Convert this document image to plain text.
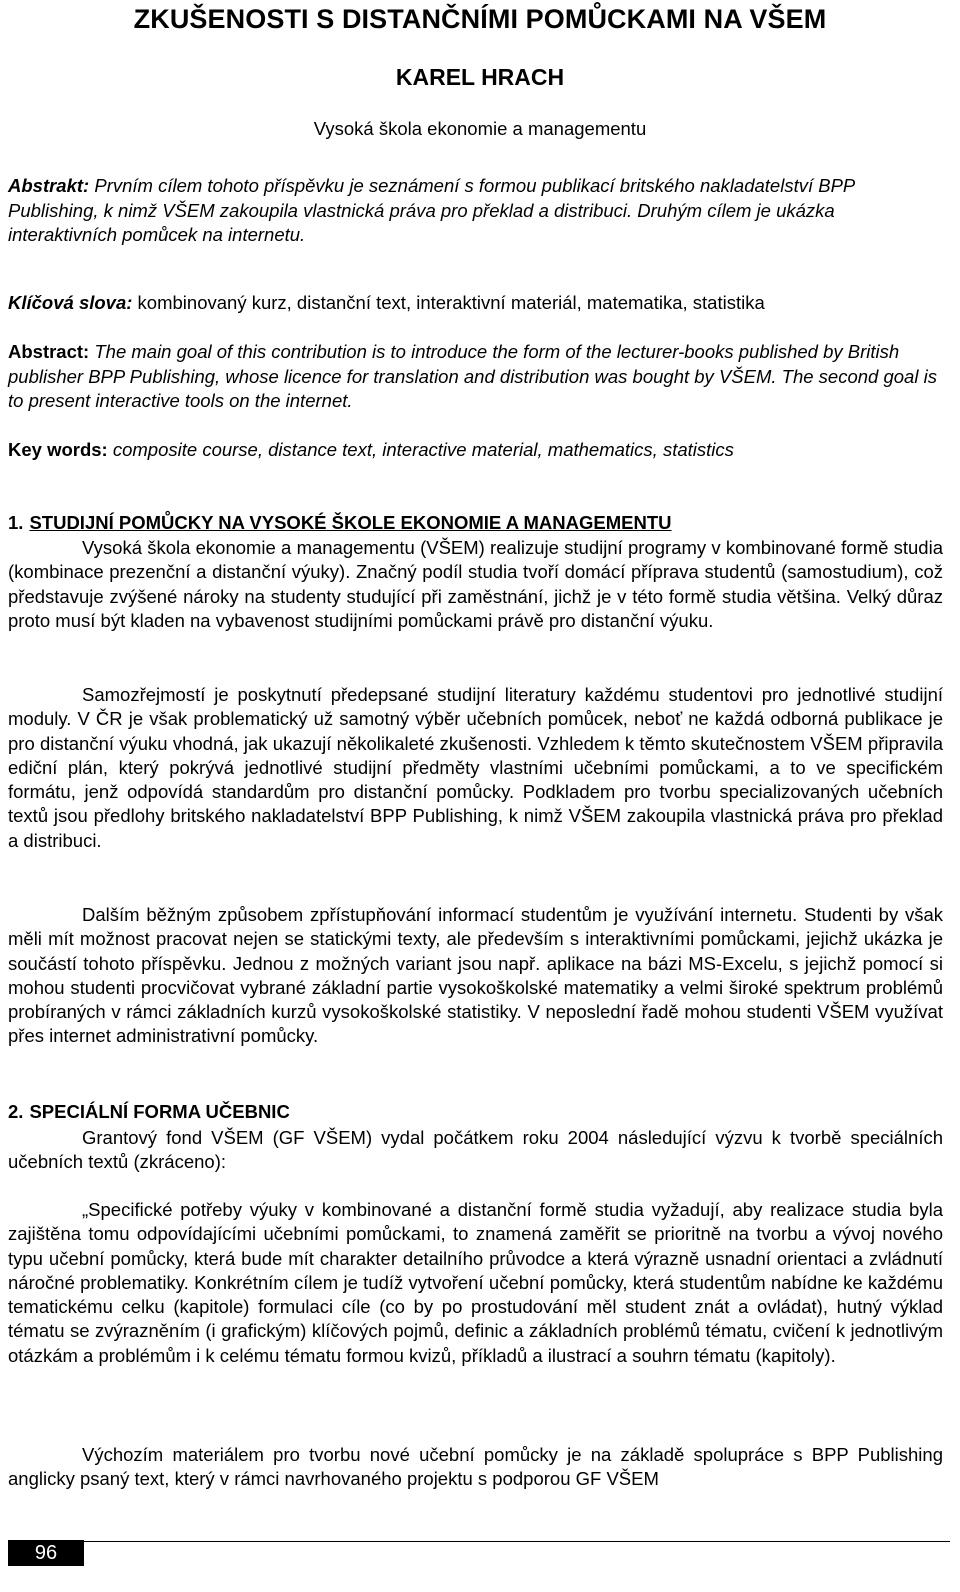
ZKUŠENOSTI S DISTANČNÍMI POMŮCKAMI NA VŠEM
KAREL HRACH
Vysoká škola ekonomie a managementu
Abstrakt: Prvním cílem tohoto příspěvku je seznámení s formou publikací britského nakladatelství BPP Publishing, k nimž VŠEM zakoupila vlastnická práva pro překlad a distribuci. Druhým cílem je ukázka interaktivních pomůcek na internetu.
Klíčová slova: kombinovaný kurz, distanční text, interaktivní materiál, matematika, statistika
Abstract: The main goal of this contribution is to introduce the form of the lecturer-books published by British publisher BPP Publishing, whose licence for translation and distribution was bought by VŠEM. The second goal is to present interactive tools on the internet.
Key words: composite course, distance text, interactive material, mathematics, statistics
1. STUDIJNÍ POMŮCKY NA VYSOKÉ ŠKOLE EKONOMIE A MANAGEMENTU
Vysoká škola ekonomie a managementu (VŠEM) realizuje studijní programy v kombinované formě studia (kombinace prezenční a distanční výuky). Značný podíl studia tvoří domácí příprava studentů (samostudium), což představuje zvýšené nároky na studenty studující při zaměstnání, jichž je v této formě studia většina. Velký důraz proto musí být kladen na vybavenost studijními pomůckami právě pro distanční výuku.
Samozřejmostí je poskytnutí předepsané studijní literatury každému studentovi pro jednotlivé studijní moduly. V ČR je však problematický už samotný výběr učebních pomůcek, neboť ne každá odborná publikace je pro distanční výuku vhodná, jak ukazují několikaleté zkušenosti. Vzhledem k těmto skutečnostem VŠEM připravila ediční plán, který pokrývá jednotlivé studijní předměty vlastními učebními pomůckami, a to ve specifickém formátu, jenž odpovídá standardům pro distanční pomůcky. Podkladem pro tvorbu specializovaných učebních textů jsou předlohy britského nakladatelství BPP Publishing, k nimž VŠEM zakoupila vlastnická práva pro překlad a distribuci.
Dalším běžným způsobem zpřístupňování informací studentům je využívání internetu. Studenti by však měli mít možnost pracovat nejen se statickými texty, ale především s interaktivními pomůckami, jejichž ukázka je součástí tohoto příspěvku. Jednou z možných variant jsou např. aplikace na bázi MS-Excelu, s jejichž pomocí si mohou studenti procvičovat vybrané základní partie vysokoškolské matematiky a velmi široké spektrum problémů probíraných v rámci základních kurzů vysokoškolské statistiky. V neposlední řadě mohou studenti VŠEM využívat přes internet administrativní pomůcky.
2. SPECIÁLNÍ FORMA UČEBNIC
Grantový fond VŠEM (GF VŠEM) vydal počátkem roku 2004 následující výzvu k tvorbě speciálních učebních textů (zkráceno):
„Specifické potřeby výuky v kombinované a distanční formě studia vyžadují, aby realizace studia byla zajištěna tomu odpovídajícími učebními pomůckami, to znamená zaměřit se prioritně na tvorbu a vývoj nového typu učební pomůcky, která bude mít charakter detailního průvodce a která výrazně usnadní orientaci a zvládnutí náročné problematiky. Konkrétním cílem je tudíž vytvoření učební pomůcky, která studentům nabídne ke každému tematickému celku (kapitole) formulaci cíle (co by po prostudování měl student znát a ovládat), hutný výklad tématu se zvýrazněním (i grafickým) klíčových pojmů, definic a základních problémů tématu, cvičení k jednotlivým otázkám a problémům i k celému tématu formou kvizů, příkladů a ilustrací a souhrn tématu (kapitoly).
Výchozím materiálem pro tvorbu nové učební pomůcky je na základě spolupráce s BPP Publishing anglicky psaný text, který v rámci navrhovaného projektu s podporou GF VŠEM
96
